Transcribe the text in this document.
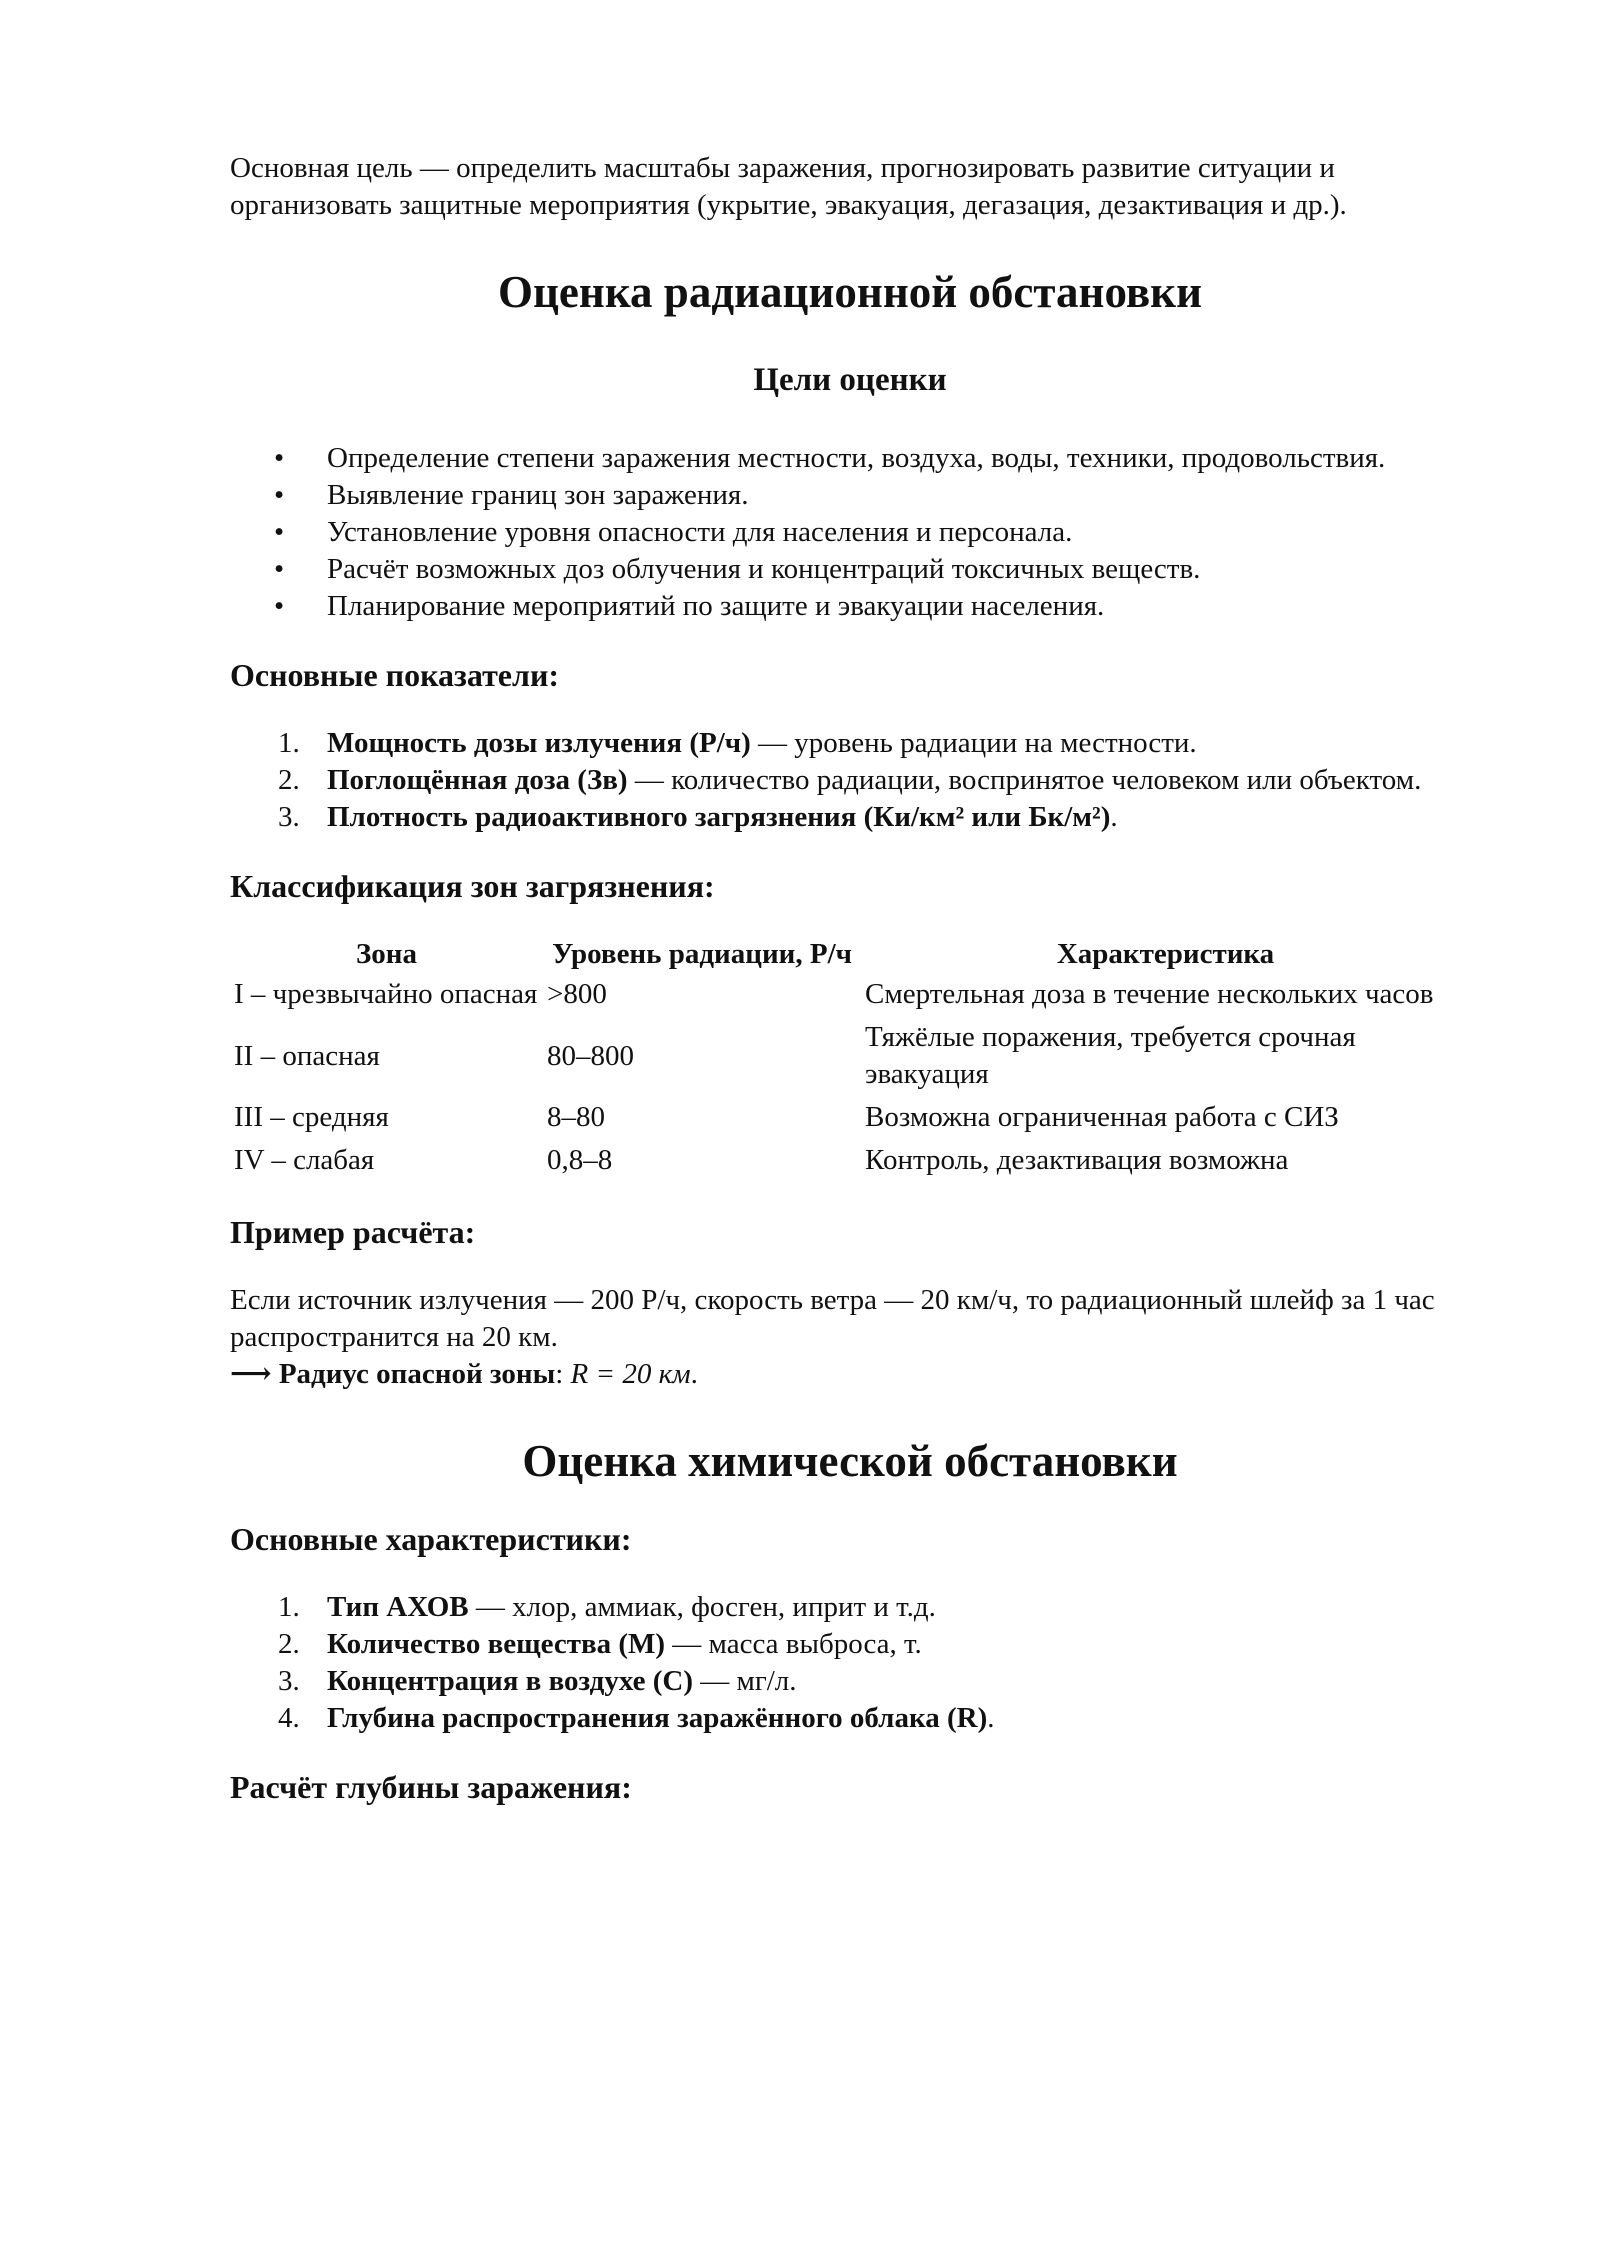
Основная цель — определить масштабы заражения, прогнозировать развитие ситуации и организовать защитные мероприятия (укрытие, эвакуация, дегазация, дезактивация и др.).

Оценка радиационной обстановки
Цели оценки
• Определение степени заражения местности, воздуха, воды, техники, продовольствия.
• Выявление границ зон заражения.
• Установление уровня опасности для населения и персонала.
• Расчёт возможных доз облучения и концентраций токсичных веществ.
• Планирование мероприятий по защите и эвакуации населения.
Основные показатели:
1. Мощность дозы излучения (Р/ч) — уровень радиации на местности.
2. Поглощённая доза (Зв) — количество радиации, воспринятое человеком или объектом.
3. Плотность радиоактивного загрязнения (Ки/км² или Бк/м²).
Классификация зон загрязнения:
Зона	Уровень радиации, Р/ч	Характеристика
I – чрезвычайно опасная	>800	Смертельная доза в течение нескольких часов
II – опасная	80–800	Тяжёлые поражения, требуется срочная эвакуация
III – средняя	8–80	Возможна ограниченная работа с СИЗ
IV – слабая	0,8–8	Контроль, дезактивация возможна
Пример расчёта:

Если источник излучения — 200 Р/ч, скорость ветра — 20 км/ч, то радиационный шлейф за 1 час распространится на 20 км.
⟶ Радиус опасной зоны: R = 20 км.

Оценка химической обстановки
Основные характеристики:
1. Тип АХОВ — хлор, аммиак, фосген, иприт и т.д.
2. Количество вещества (М) — масса выброса, т.
3. Концентрация в воздухе (С) — мг/л.
4. Глубина распространения заражённого облака (R).
Расчёт глубины заражения:
